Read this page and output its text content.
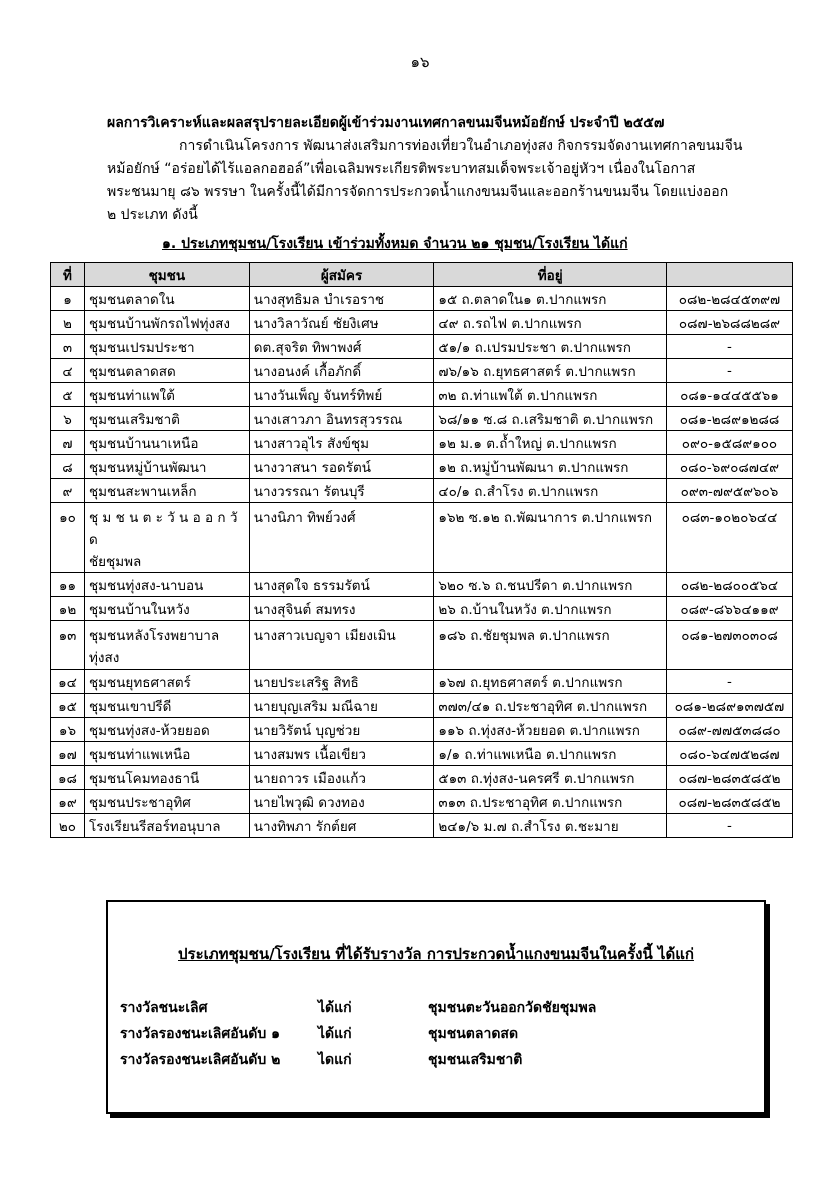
๑๖
ผลการวิเคราะห์และผลสรุปรายละเอียดผู้เข้าร่วมงานเทศกาลขนมจีนหม้อยักษ์ ประจำปี ๒๕๕๗
การดำเนินโครงการ พัฒนาส่งเสริมการท่องเที่ยวในอำเภอทุ่งสง กิจกรรมจัดงานเทศกาลขนมจีน
หม้อยักษ์ “อร่อยได้ไร้แอลกอฮอล์”เพื่อเฉลิมพระเกียรติพระบาทสมเด็จพระเจ้าอยู่หัวฯ เนื่องในโอกาส
พระชนมายุ ๘๖ พรรษา ในครั้งนี้ได้มีการจัดการประกวดน้ำแกงขนมจีนและออกร้านขนมจีน โดยแบ่งออก
๒ ประเภท ดังนี้
๑. ประเภทชุมชน/โรงเรียน เข้าร่วมทั้งหมด จำนวน ๒๑ ชุมชน/โรงเรียน ได้แก่
ที่	ชุมชน	ผู้สมัคร	ที่อยู่	
๑	ชุมชนตลาดใน	นางสุทธิมล บำเรอราช	๑๕ ถ.ตลาดใน๑ ต.ปากแพรก	๐๘๒-๒๘๔๕๓๙๗
๒	ชุมชนบ้านพักรถไฟทุ่งสง	นางวิลาวัณย์ ชัยงิเศษ	๔๙ ถ.รถไฟ ต.ปากแพรก	๐๘๗-๒๖๘๘๒๘๙
๓	ชุมชนเปรมประชา	ดต.สุจริต ทิพาพงศ์	๕๑/๑ ถ.เปรมประชา ต.ปากแพรก	-
๔	ชุมชนตลาดสด	นางอนงค์ เกื้อภักดิ์	๗๖/๑๖ ถ.ยุทธศาสตร์ ต.ปากแพรก	-
๕	ชุมชนท่าแพใต้	นางวันเพ็ญ จันทร์ทิพย์	๓๒ ถ.ท่าแพใต้ ต.ปากแพรก	๐๘๑-๑๔๔๕๕๖๑
๖	ชุมชนเสริมชาติ	นางเสาวภา อินทรสุวรรณ	๖๘/๑๑ ซ.๘ ถ.เสริมชาติ ต.ปากแพรก	๐๘๑-๒๘๙๑๒๘๘
๗	ชุมชนบ้านนาเหนือ	นางสาวอุไร สังข์ชุม	๑๒ ม.๑ ต.ถ้ำใหญ่ ต.ปากแพรก	๐๙๐-๑๕๘๙๑๐๐
๘	ชุมชนหมู่บ้านพัฒนา	นางวาสนา รอดรัตน์	๑๒ ถ.หมู่บ้านพัฒนา ต.ปากแพรก	๐๘๐-๖๙๐๘๗๔๙
๙	ชุมชนสะพานเหล็ก	นางวรรณา รัตนบุรี	๔๐/๑ ถ.สำโรง ต.ปากแพรก	๐๙๓-๗๙๕๙๖๐๖
๑๐	ชุ ม ช น ต ะ วั น อ อ ก วั ด
ชัยชุมพล	นางนิภา ทิพย์วงศ์	๑๖๒ ซ.๑๒ ถ.พัฒนาการ ต.ปากแพรก	๐๘๓-๑๐๒๐๖๔๔
๑๑	ชุมชนทุ่งสง-นาบอน	นางสุดใจ ธรรมรัตน์	๖๒๐ ซ.๖ ถ.ชนปรีดา ต.ปากแพรก	๐๘๒-๒๘๐๐๕๖๔
๑๒	ชุมชนบ้านในหวัง	นางสุจินต์ สมทรง	๒๖ ถ.บ้านในหวัง ต.ปากแพรก	๐๘๙-๘๖๖๔๑๑๙
๑๓	ชุมชนหลังโรงพยาบาล
ทุ่งสง	นางสาวเบญจา เมียงเมิน	๑๘๖ ถ.ชัยชุมพล ต.ปากแพรก	๐๘๑-๒๗๓๐๓๐๘
๑๔	ชุมชนยุทธศาสตร์	นายประเสริฐ สิทธิ	๑๖๗ ถ.ยุทธศาสตร์ ต.ปากแพรก	-
๑๕	ชุมชนเขาปรีดี	นายบุญเสริม มณีฉาย	๓๗๓/๔๑ ถ.ประชาอุทิศ ต.ปากแพรก	๐๘๑-๒๘๙๑๓๗๕๗
๑๖	ชุมชนทุ่งสง-ห้วยยอด	นายวิรัตน์ บุญช่วย	๑๑๖ ถ.ทุ่งสง-ห้วยยอด ต.ปากแพรก	๐๘๙-๗๗๕๓๘๘๐
๑๗	ชุมชนท่าแพเหนือ	นางสมพร เนื้อเขียว	๑/๑ ถ.ท่าแพเหนือ ต.ปากแพรก	๐๘๐-๖๔๗๕๒๘๗
๑๘	ชุมชนโคมทองธานี	นายถาวร เมืองแก้ว	๕๑๓ ถ.ทุ่งสง-นครศรี ต.ปากแพรก	๐๘๗-๒๘๓๕๘๕๒
๑๙	ชุมชนประชาอุทิศ	นายไพวุฒิ ดวงทอง	๓๑๓ ถ.ประชาอุทิศ ต.ปากแพรก	๐๘๗-๒๘๓๕๘๕๒
๒๐	โรงเรียนรีสอร์ทอนุบาล	นางทิพภา รักต์ยศ	๒๔๑/๖ ม.๗ ถ.สำโรง ต.ชะมาย	-
ประเภทชุมชน/โรงเรียน ที่ได้รับรางวัล การประกวดน้ำแกงขนมจีนในครั้งนี้ ได้แก่
รางวัลชนะเลิศ	ได้แก่	ชุมชนตะวันออกวัดชัยชุมพล
รางวัลรองชนะเลิศอันดับ ๑	ได้แก่	ชุมชนตลาดสด
รางวัลรองชนะเลิศอันดับ ๒	ไดแก่	ชุมชนเสริมชาติ
